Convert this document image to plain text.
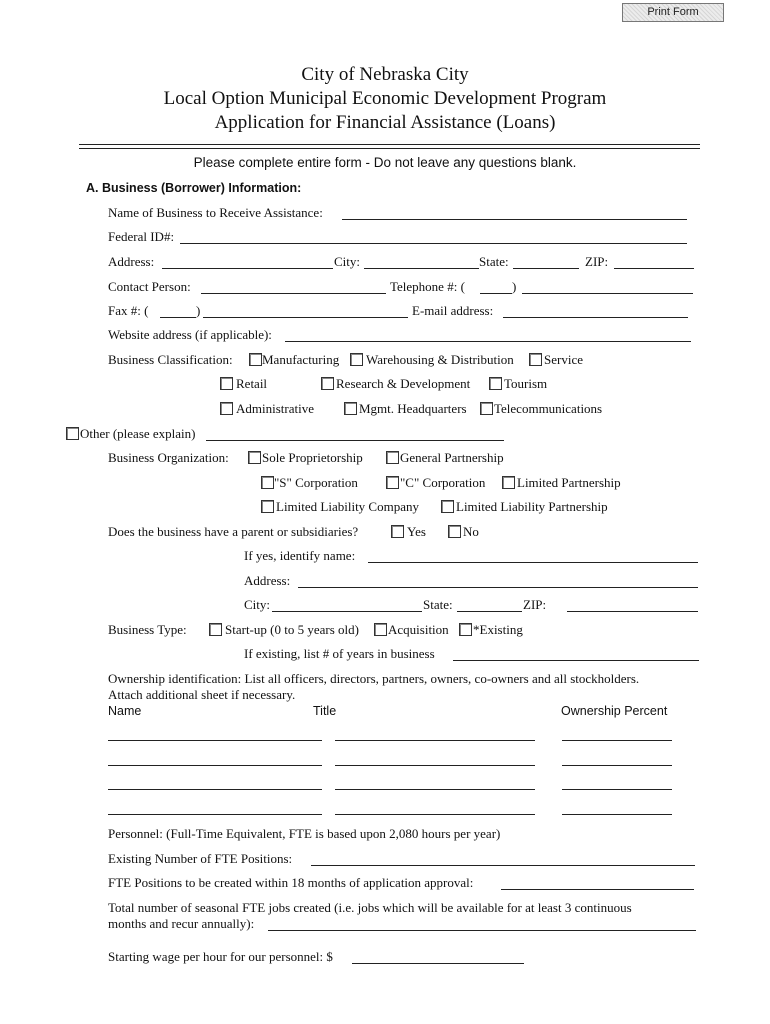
Print Form
City of Nebraska City
Local Option Municipal Economic Development Program
Application for Financial Assistance (Loans)
Please complete entire form - Do not leave any questions blank.
A. Business (Borrower) Information:
Name of Business to Receive Assistance:
Federal ID#:
Address:	City:	State:	ZIP:
Contact Person:	Telephone #: (	)
Fax #: (	)	E-mail address:
Website address (if applicable):
Business Classification: Manufacturing Warehousing & Distribution Service
Retail	Research & Development	Tourism
Administrative	Mgmt. Headquarters Telecommunications
Other (please explain)
Business Organization:	Sole Proprietorship	General Partnership
"S" Corporation	"C" Corporation Limited Partnership
Limited Liability Company	Limited Liability Partnership
Does the business have a parent or subsidiaries?	Yes	No
If yes, identify name:
Address:
City:	State:	ZIP:
Business Type:	Start-up (0 to 5 years old) Acquisition *Existing
If existing, list # of years in business
Ownership identification: List all officers, directors, partners, owners, co-owners and all stockholders.
Attach additional sheet if necessary.
Name	Title	Ownership Percent
Personnel: (Full-Time Equivalent, FTE is based upon 2,080 hours per year)
Existing Number of FTE Positions:
FTE Positions to be created within 18 months of application approval:
Total number of seasonal FTE jobs created (i.e. jobs which will be available for at least 3 continuous
months and recur annually):
Starting wage per hour for our personnel: $
